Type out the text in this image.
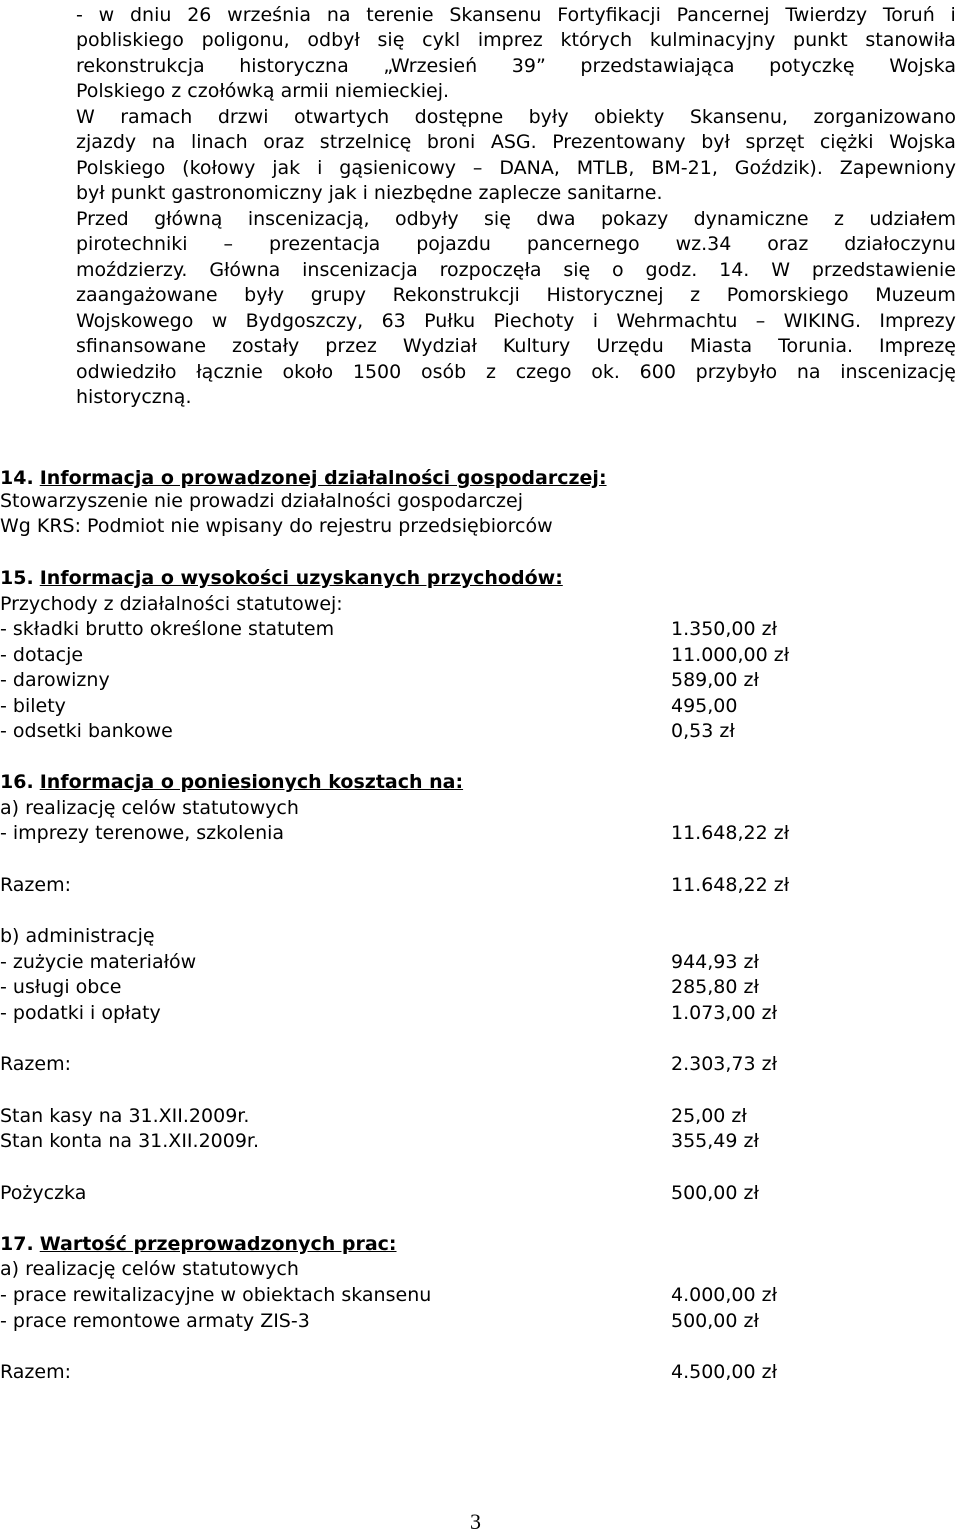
- w dniu 26 września na terenie Skansenu Fortyfikacji Pancernej Twierdzy Toruń i
pobliskiego poligonu, odbył się cykl imprez których kulminacyjny punkt stanowiła
rekonstrukcja historyczna „Wrzesień 39” przedstawiająca potyczkę Wojska
Polskiego z czołówką armii niemieckiej.
W ramach drzwi otwartych dostępne były obiekty Skansenu, zorganizowano
zjazdy na linach oraz strzelnicę broni ASG. Prezentowany był sprzęt ciężki Wojska
Polskiego (kołowy jak i gąsienicowy – DANA, MTLB, BM-21, Goździk). Zapewniony
był punkt gastronomiczny jak i niezbędne zaplecze sanitarne.
Przed główną inscenizacją, odbyły się dwa pokazy dynamiczne z udziałem
pirotechniki – prezentacja pojazdu pancernego wz.34 oraz działoczynu
moździerzy. Główna inscenizacja rozpoczęła się o godz. 14. W przedstawienie
zaangażowane były grupy Rekonstrukcji Historycznej z Pomorskiego Muzeum
Wojskowego w Bydgoszczy, 63 Pułku Piechoty i Wehrmachtu – WIKING. Imprezy
sfinansowane zostały przez Wydział Kultury Urzędu Miasta Torunia. Imprezę
odwiedziło łącznie około 1500 osób z czego ok. 600 przybyło na inscenizację
historyczną.
14. Informacja o prowadzonej działalności gospodarczej:
Stowarzyszenie nie prowadzi działalności gospodarczej
Wg KRS: Podmiot nie wpisany do rejestru przedsiębiorców
15. Informacja o wysokości uzyskanych przychodów:
Przychody z działalności statutowej:
- składki brutto określone statutem	1.350,00 zł
- dotacje	11.000,00 zł
- darowizny	589,00 zł
- bilety	495,00
- odsetki bankowe	0,53 zł
16. Informacja o poniesionych kosztach na:
a) realizację celów statutowych
- imprezy terenowe, szkolenia	11.648,22 zł
Razem:	11.648,22 zł
b) administrację
- zużycie materiałów	944,93 zł
- usługi obce	285,80 zł
- podatki i opłaty	1.073,00 zł
Razem:	2.303,73 zł
Stan kasy na 31.XII.2009r.	25,00 zł
Stan konta na 31.XII.2009r.	355,49 zł
Pożyczka	500,00 zł
17. Wartość przeprowadzonych prac:
a) realizację celów statutowych
- prace rewitalizacyjne w obiektach skansenu	4.000,00 zł
- prace remontowe armaty ZIS-3	500,00 zł
Razem:	4.500,00 zł
3
